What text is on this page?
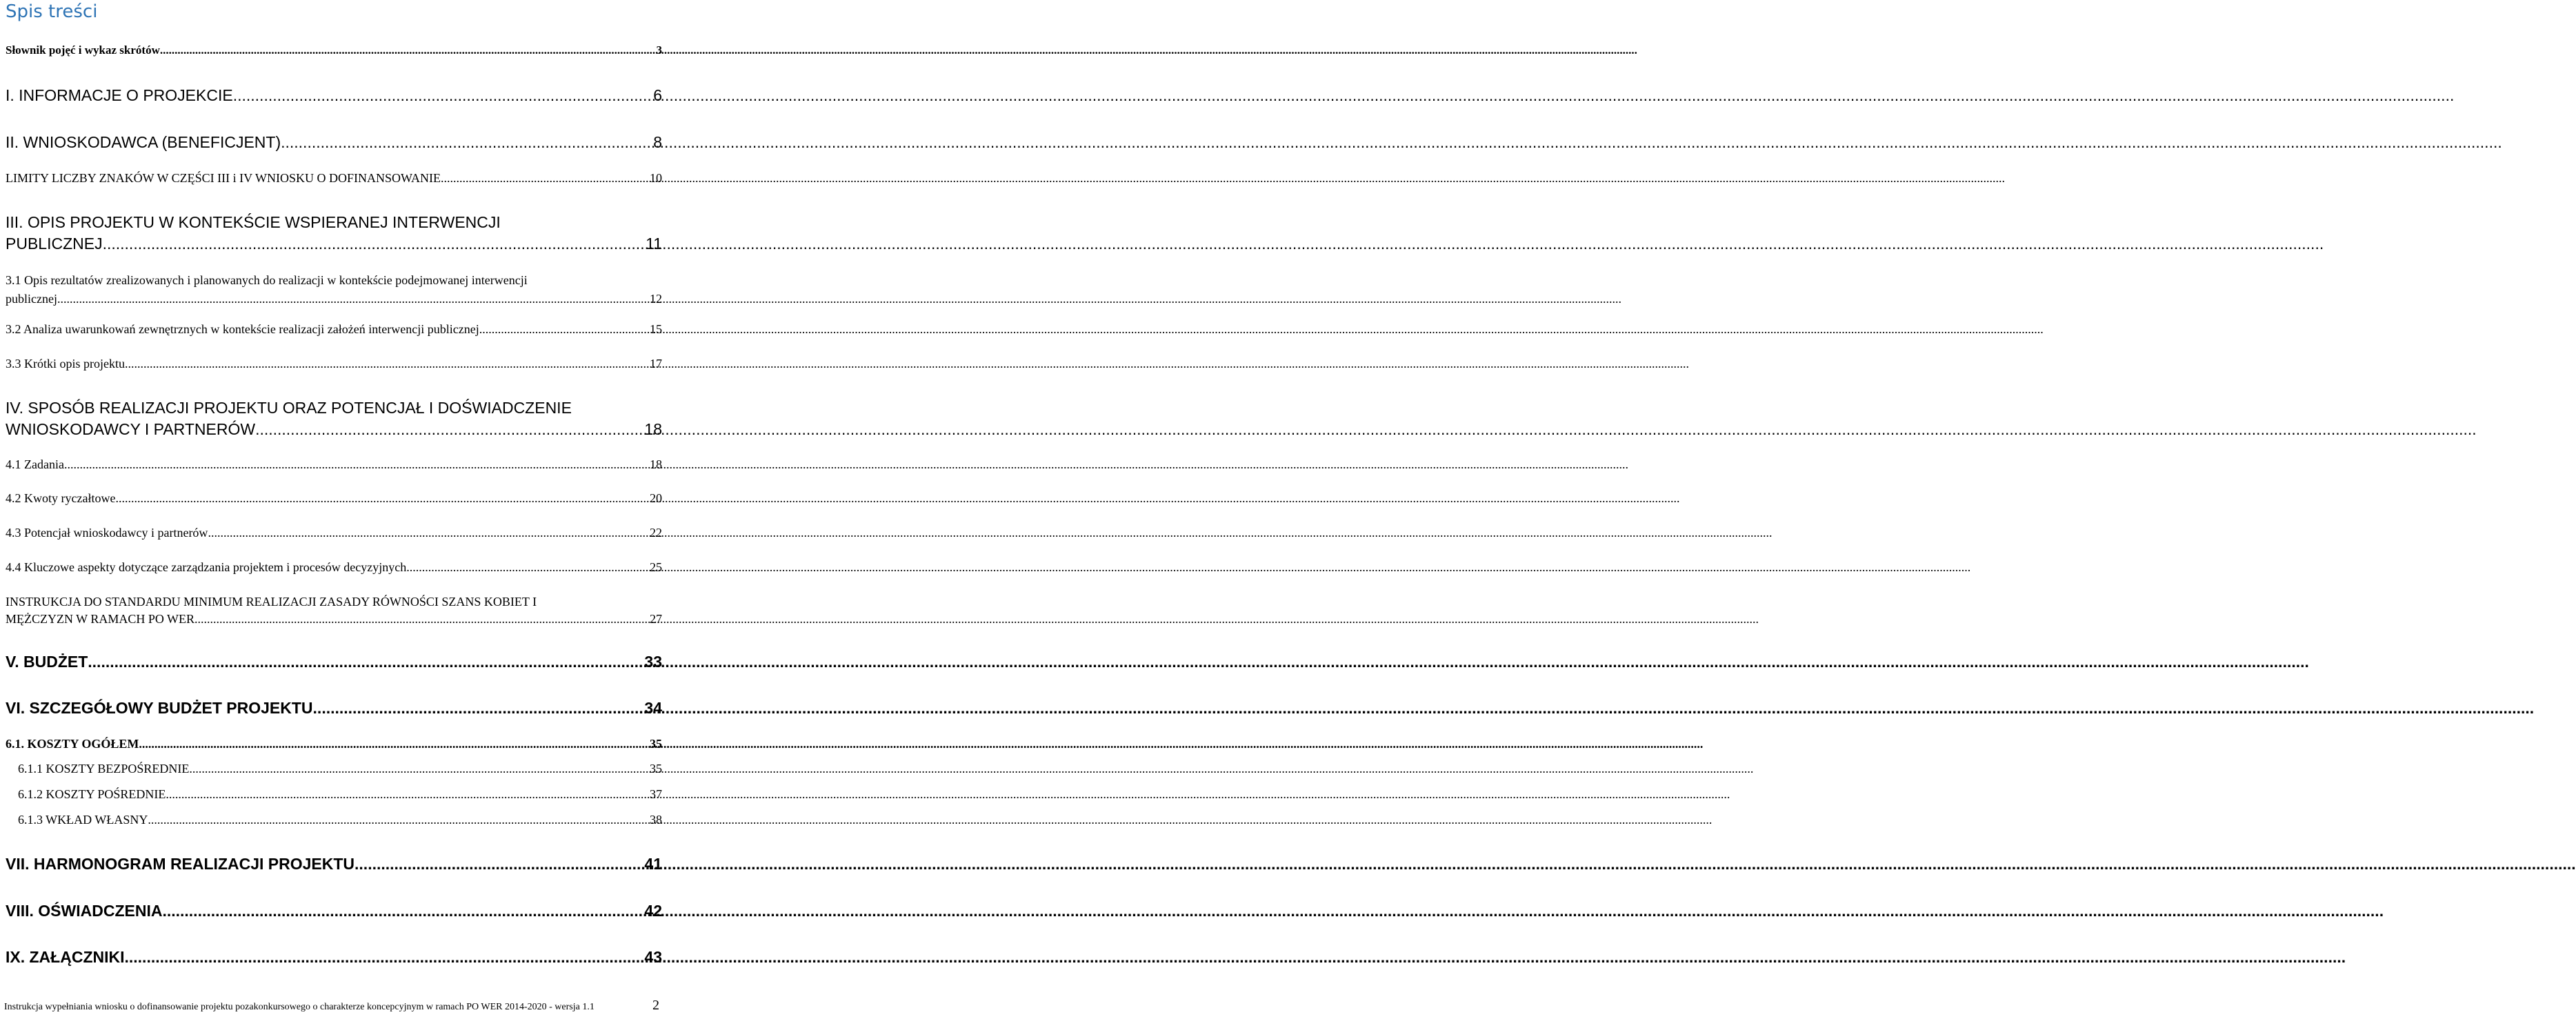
Spis treści
Słownik pojęć i wykaz skrótów .....	3
I. INFORMACJE O PROJEKCIE .....	6
II. WNIOSKODAWCA (BENEFICJENT) .....	8
LIMITY LICZBY ZNAKÓW W CZĘŚCI III i IV WNIOSKU O DOFINANSOWANIE .....	10
III. OPIS PROJEKTU W KONTEKŚCIE WSPIERANEJ INTERWENCJI
PUBLICZNEJ .....	11
3.1 Opis rezultatów zrealizowanych i planowanych do realizacji w kontekście podejmowanej interwencji
publicznej .....	12
3.2 Analiza uwarunkowań zewnętrznych w kontekście realizacji założeń interwencji publicznej .....	15
3.3 Krótki opis projektu .....	17
IV. SPOSÓB REALIZACJI PROJEKTU ORAZ POTENCJAŁ I DOŚWIADCZENIE
WNIOSKODAWCY I PARTNERÓW .....	18
4.1 Zadania .....	18
4.2 Kwoty ryczałtowe .....	20
4.3 Potencjał wnioskodawcy i partnerów .....	22
4.4 Kluczowe aspekty dotyczące zarządzania projektem i procesów decyzyjnych .....	25
INSTRUKCJA DO STANDARDU MINIMUM REALIZACJI ZASADY RÓWNOŚCI SZANS KOBIET I
MĘŻCZYZN W RAMACH PO WER .....	27
V. BUDŻET .....	33
VI. SZCZEGÓŁOWY BUDŻET PROJEKTU .....	34
6.1. KOSZTY OGÓŁEM .....	35
6.1.1 KOSZTY BEZPOŚREDNIE .....	35
6.1.2 KOSZTY POŚREDNIE .....	37
6.1.3 WKŁAD WŁASNY .....	38
VII. HARMONOGRAM REALIZACJI PROJEKTU .....	41
VIII. OŚWIADCZENIA .....	42
IX. ZAŁĄCZNIKI .....	43
Instrukcja wypełniania wniosku o dofinansowanie projektu pozakonkursowego o charakterze koncepcyjnym w ramach PO WER 2014-2020 - wersja 1.1	2
